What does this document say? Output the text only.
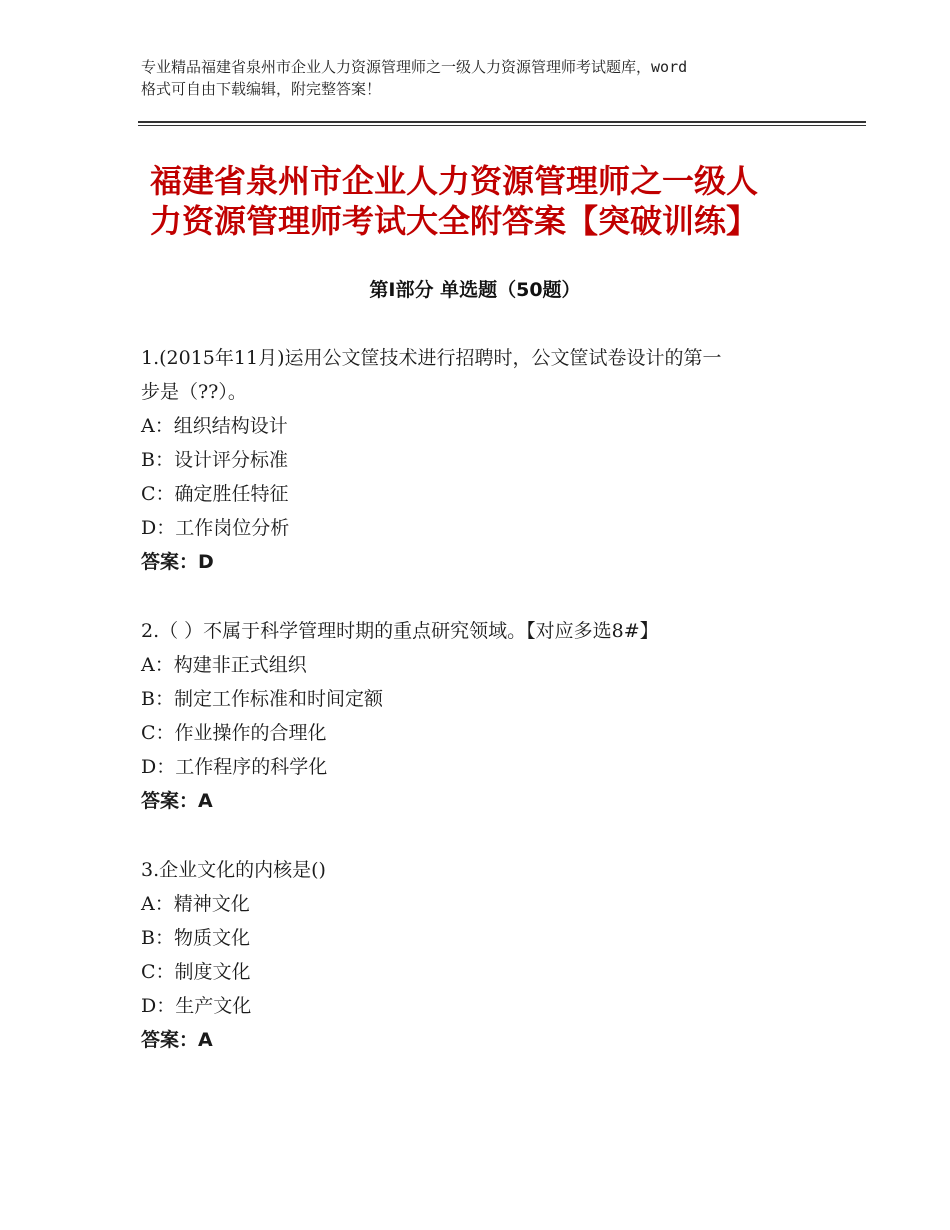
专业精品福建省泉州市企业人力资源管理师之一级人力资源管理师考试题库，word
格式可自由下载编辑，附完整答案！
福建省泉州市企业人力资源管理师之一级人
力资源管理师考试大全附答案【突破训练】
第Ⅰ部分 单选题（50题）
1.(2015年11月)运用公文筐技术进行招聘时，公文筐试卷设计的第一
步是（??）。
A：组织结构设计
B：设计评分标准
C：确定胜任特征
D：工作岗位分析
答案：D
2.（ ）不属于科学管理时期的重点研究领域。【对应多选8#】
A：构建非正式组织
B：制定工作标准和时间定额
C：作业操作的合理化
D：工作程序的科学化
答案：A
3.企业文化的内核是()
A：精神文化
B：物质文化
C：制度文化
D：生产文化
答案：A
